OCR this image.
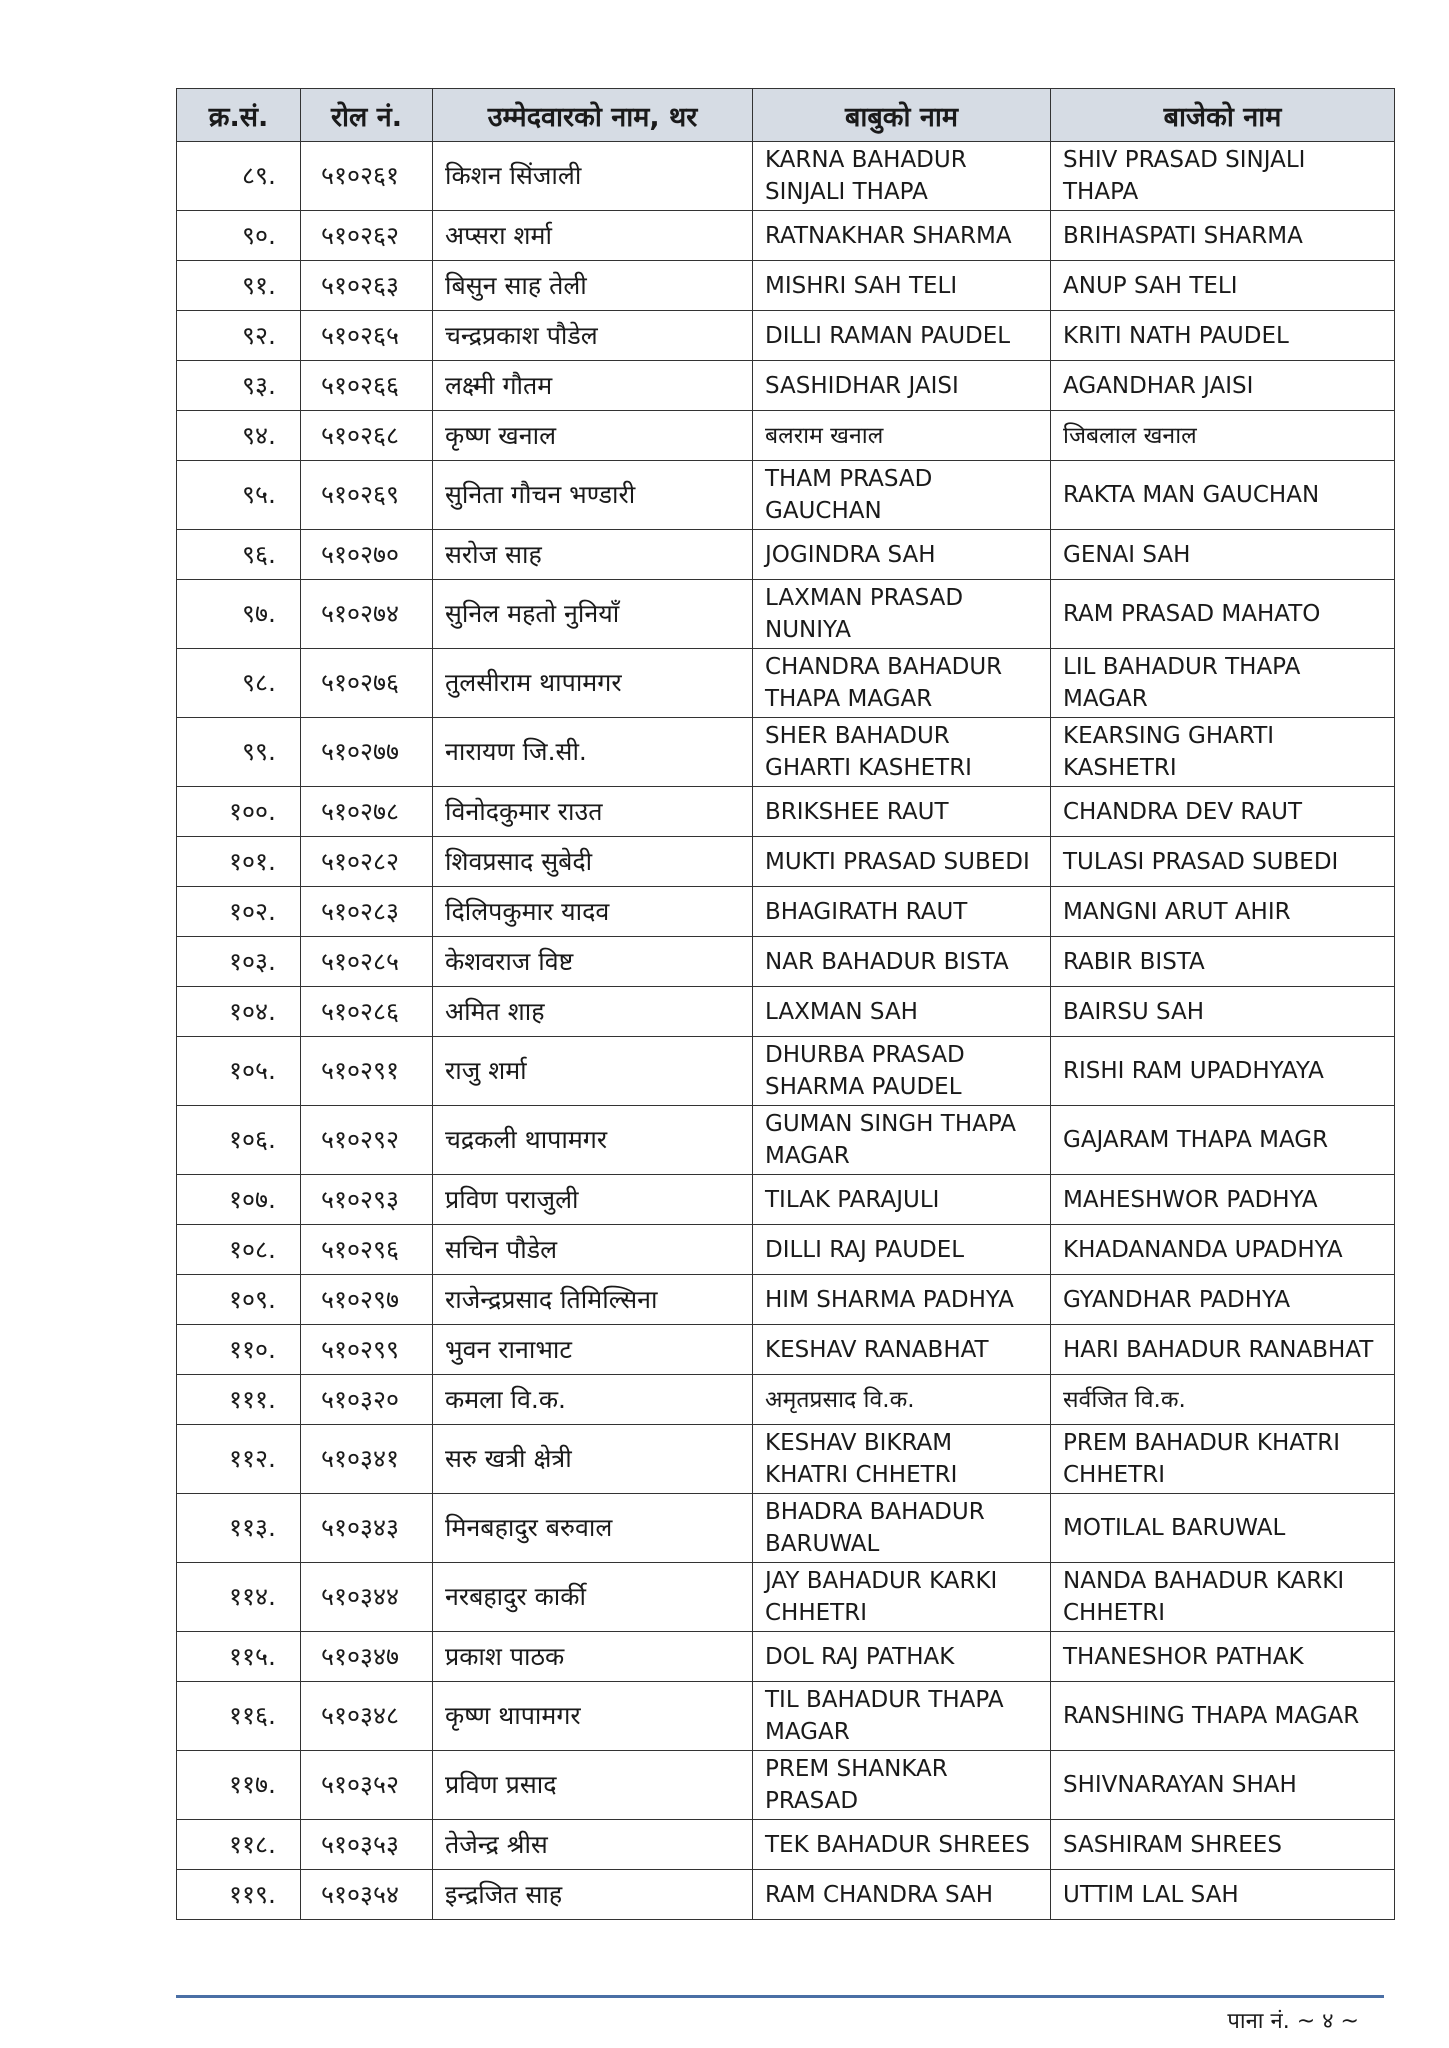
क्र.सं.	रोल नं.	उम्मेदवारको नाम, थर	बाबुको नाम	बाजेको नाम
८९.	५१०२६१	किशन सिंजाली	KARNA BAHADUR SINJALI THAPA	SHIV PRASAD SINJALI THAPA
९०.	५१०२६२	अप्सरा शर्मा	RATNAKHAR SHARMA	BRIHASPATI SHARMA
९१.	५१०२६३	बिसुन साह तेली	MISHRI SAH TELI	ANUP SAH TELI
९२.	५१०२६५	चन्द्रप्रकाश पौडेल	DILLI RAMAN PAUDEL	KRITI NATH PAUDEL
९३.	५१०२६६	लक्ष्मी गौतम	SASHIDHAR JAISI	AGANDHAR JAISI
९४.	५१०२६८	कृष्ण खनाल	बलराम खनाल	जिबलाल खनाल
९५.	५१०२६९	सुनिता गौचन भण्डारी	THAM PRASAD GAUCHAN	RAKTA MAN GAUCHAN
९६.	५१०२७०	सरोज साह	JOGINDRA SAH	GENAI SAH
९७.	५१०२७४	सुनिल महतो नुनियाँ	LAXMAN PRASAD NUNIYA	RAM PRASAD MAHATO
९८.	५१०२७६	तुलसीराम थापामगर	CHANDRA BAHADUR THAPA MAGAR	LIL BAHADUR THAPA MAGAR
९९.	५१०२७७	नारायण जि.सी.	SHER BAHADUR GHARTI KASHETRI	KEARSING GHARTI KASHETRI
१००.	५१०२७८	विनोदकुमार राउत	BRIKSHEE RAUT	CHANDRA DEV RAUT
१०१.	५१०२८२	शिवप्रसाद सुबेदी	MUKTI PRASAD SUBEDI	TULASI PRASAD SUBEDI
१०२.	५१०२८३	दिलिपकुमार यादव	BHAGIRATH RAUT	MANGNI ARUT AHIR
१०३.	५१०२८५	केशवराज विष्ट	NAR BAHADUR BISTA	RABIR BISTA
१०४.	५१०२८६	अमित शाह	LAXMAN SAH	BAIRSU SAH
१०५.	५१०२९१	राजु शर्मा	DHURBA PRASAD SHARMA PAUDEL	RISHI RAM UPADHYAYA
१०६.	५१०२९२	चद्रकली थापामगर	GUMAN SINGH THAPA MAGAR	GAJARAM THAPA MAGR
१०७.	५१०२९३	प्रविण पराजुली	TILAK PARAJULI	MAHESHWOR PADHYA
१०८.	५१०२९६	सचिन पौडेल	DILLI RAJ PAUDEL	KHADANANDA UPADHYA
१०९.	५१०२९७	राजेन्द्रप्रसाद तिमिल्सिना	HIM SHARMA PADHYA	GYANDHAR PADHYA
११०.	५१०२९९	भुवन रानाभाट	KESHAV RANABHAT	HARI BAHADUR RANABHAT
१११.	५१०३२०	कमला वि.क.	अमृतप्रसाद वि.क.	सर्वजित वि.क.
११२.	५१०३४१	सरु खत्री क्षेत्री	KESHAV BIKRAM KHATRI CHHETRI	PREM BAHADUR KHATRI CHHETRI
११३.	५१०३४३	मिनबहादुर बरुवाल	BHADRA BAHADUR BARUWAL	MOTILAL BARUWAL
११४.	५१०३४४	नरबहादुर कार्की	JAY BAHADUR KARKI CHHETRI	NANDA BAHADUR KARKI CHHETRI
११५.	५१०३४७	प्रकाश पाठक	DOL RAJ PATHAK	THANESHOR PATHAK
११६.	५१०३४८	कृष्ण थापामगर	TIL BAHADUR THAPA MAGAR	RANSHING THAPA MAGAR
११७.	५१०३५२	प्रविण प्रसाद	PREM SHANKAR PRASAD	SHIVNARAYAN SHAH
११८.	५१०३५३	तेजेन्द्र श्रीस	TEK BAHADUR SHREES	SASHIRAM SHREES
११९.	५१०३५४	इन्द्रजित साह	RAM CHANDRA SAH	UTTIM LAL SAH
पाना नं. ~ ४ ~
